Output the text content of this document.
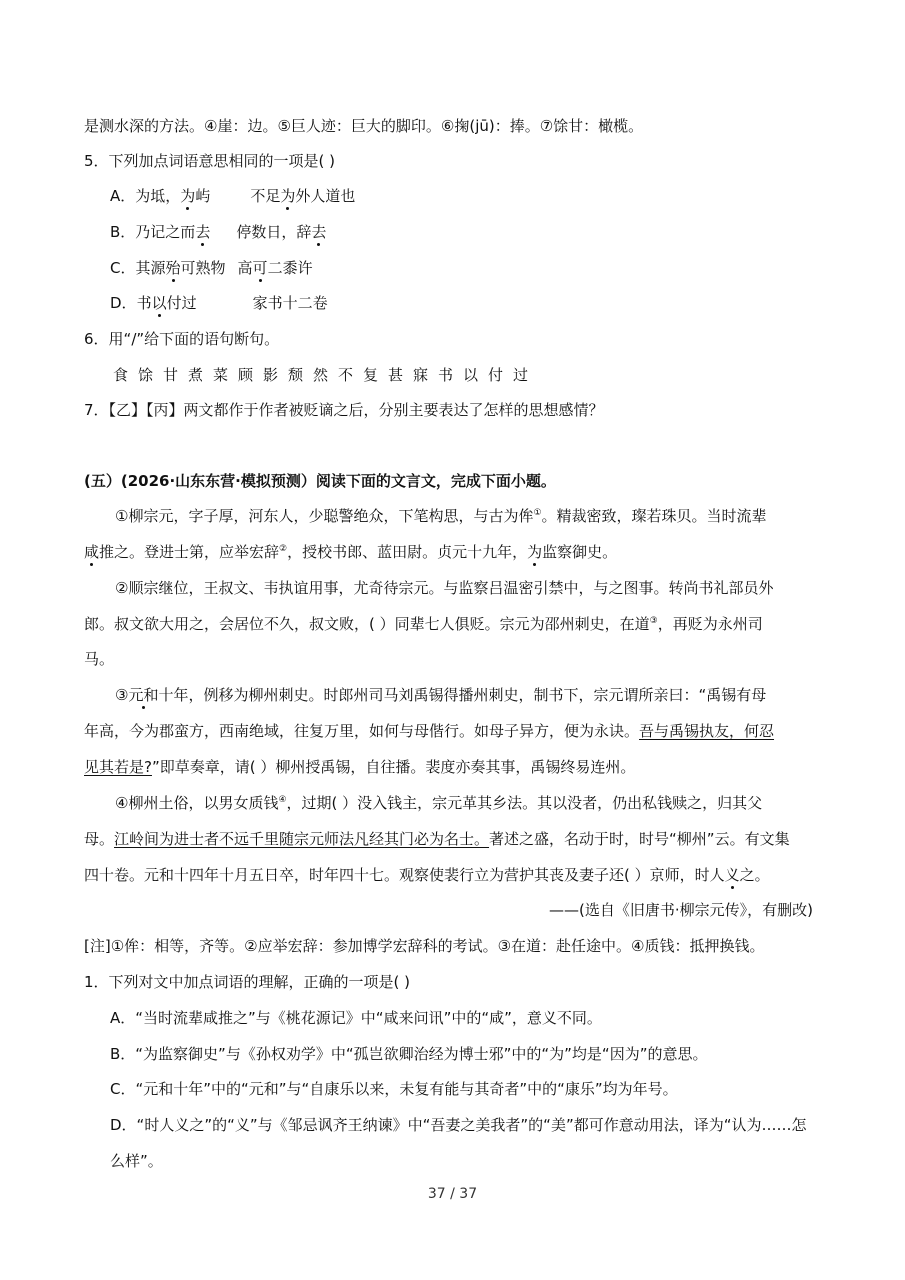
是测水深的方法。④崖：边。⑤巨人迹：巨大的脚印。⑥掬(jū)：捧。⑦馀甘：橄榄。
5．下列加点词语意思相同的一项是( )
A．为坻，为屿	不足为外人道也
B．乃记之而去 停数日，辞去
C．其源殆可熟物 高可二黍许
D．书以付过	家书十二卷
6．用“/”给下面的语句断句。
食馀甘煮菜顾影颓然不复甚寐书以付过
7．【乙】【丙】两文都作于作者被贬谪之后，分别主要表达了怎样的思想感情？
(五）(2026·山东东营·模拟预测）阅读下面的文言文，完成下面小题。
①柳宗元，字子厚，河东人，少聪警绝众，下笔构思，与古为侔①。精裁密致，璨若珠贝。当时流辈
咸推之。登进士第，应举宏辞②，授校书郎、蓝田尉。贞元十九年，为监察御史。
②顺宗继位，王叔文、韦执谊用事，尤奇待宗元。与监察吕温密引禁中，与之图事。转尚书礼部员外
郎。叔文欲大用之，会居位不久，叔文败，( ）同辈七人俱贬。宗元为邵州刺史，在道③，再贬为永州司
马。
③元和十年，例移为柳州刺史。时郎州司马刘禹锡得播州刺史，制书下，宗元谓所亲曰：“禹锡有母
年高，今为郡蛮方，西南绝域，往复万里，如何与母偕行。如母子异方，便为永诀。吾与禹锡执友，何忍
见其若是?”即草奏章，请( ）柳州授禹锡，自往播。裴度亦奏其事，禹锡终易连州。
④柳州土俗，以男女质钱④，过期( ）没入钱主，宗元革其乡法。其以没者，仍出私钱赎之，归其父
母。江岭间为进士者不远千里随宗元师法凡经其门必为名士。著述之盛，名动于时，时号“柳州”云。有文集
四十卷。元和十四年十月五日卒，时年四十七。观察使裴行立为营护其丧及妻子还( ）京师，时人义之。
——(选自《旧唐书·柳宗元传》，有删改)
[注]①侔：相等，齐等。②应举宏辞：参加博学宏辞科的考试。③在道：赴任途中。④质钱：抵押换钱。
1．下列对文中加点词语的理解，正确的一项是( )
A．“当时流辈咸推之”与《桃花源记》中“咸来问讯”中的“咸”，意义不同。
B．“为监察御史”与《孙权劝学》中“孤岂欲卿治经为博士邪”中的“为”均是“因为”的意思。
C．“元和十年”中的“元和”与“自康乐以来，未复有能与其奇者”中的“康乐”均为年号。
D．“时人义之”的“义”与《邹忌讽齐王纳谏》中“吾妻之美我者”的“美”都可作意动用法，译为“认为……怎
么样”。
37 / 37
